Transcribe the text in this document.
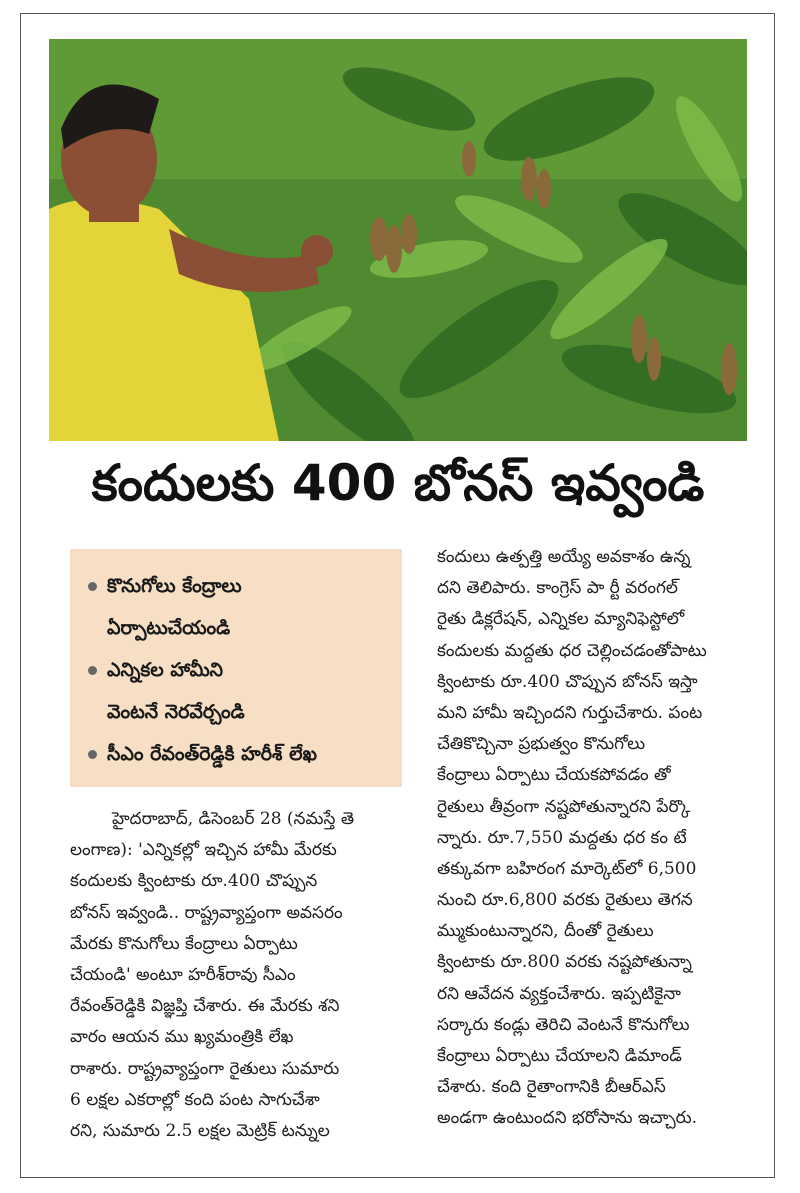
కందులకు 400 బోనస్ ఇవ్వండి
కొనుగోలు కేంద్రాలు
ఏర్పాటుచేయండి
ఎన్నికల హామీని
వెంటనే నెరవేర్చండి
సీఎం రేవంత్‌రెడ్డికి హరీశ్ లేఖ
హైదరాబాద్, డిసెంబర్ 28 (నమస్తే తె
లంగాణ): 'ఎన్నికల్లో ఇచ్చిన హామీ మేరకు
కందులకు క్వింటాకు రూ.400 చొప్పున
బోనస్ ఇవ్వండి.. రాష్ట్రవ్యాప్తంగా అవసరం
మేరకు కొనుగోలు కేంద్రాలు ఏర్పాటు
చేయండి' అంటూ హరీశ్‌రావు సీఎం
రేవంత్‌రెడ్డికి విజ్ఞప్తి చేశారు. ఈ మేరకు శని
వారం ఆయన ము ఖ్యమంత్రికి లేఖ
రాశారు. రాష్ట్రవ్యాప్తంగా రైతులు సుమారు
6 లక్షల ఎకరాల్లో కంది పంట సాగుచేశా
రని, సుమారు 2.5 లక్షల మెట్రిక్ టన్నుల
కందులు ఉత్పత్తి అయ్యే అవకాశం ఉన్న
దని తెలిపారు. కాంగ్రెస్ పా ర్టీ వరంగల్
రైతు డిక్లరేషన్, ఎన్నికల మ్యానిఫెస్టోలో
కందులకు మద్దతు ధర చెల్లించడంతోపాటు
క్వింటాకు రూ.400 చొప్పున బోనస్ ఇస్తా
మని హామీ ఇచ్చిందని గుర్తుచేశారు. పంట
చేతికొచ్చినా ప్రభుత్వం కొనుగోలు
కేంద్రాలు ఏర్పాటు చేయకపోవడం తో
రైతులు తీవ్రంగా నష్టపోతున్నారని పేర్కొ
న్నారు. రూ.7,550 మద్దతు ధర కం టే
తక్కువగా బహిరంగ మార్కెట్‌లో 6,500
నుంచి రూ.6,800 వరకు రైతులు తెగన
మ్ముకుంటున్నారని, దీంతో రైతులు
క్వింటాకు రూ.800 వరకు నష్టపోతున్నా
రని ఆవేదన వ్యక్తంచేశారు. ఇప్పటికైనా
సర్కారు కండ్లు తెరిచి వెంటనే కొనుగోలు
కేంద్రాలు ఏర్పాటు చేయాలని డిమాండ్
చేశారు. కంది రైతాంగానికి బీఆర్‌ఎస్
అండగా ఉంటుందని భరోసాను ఇచ్చారు.
